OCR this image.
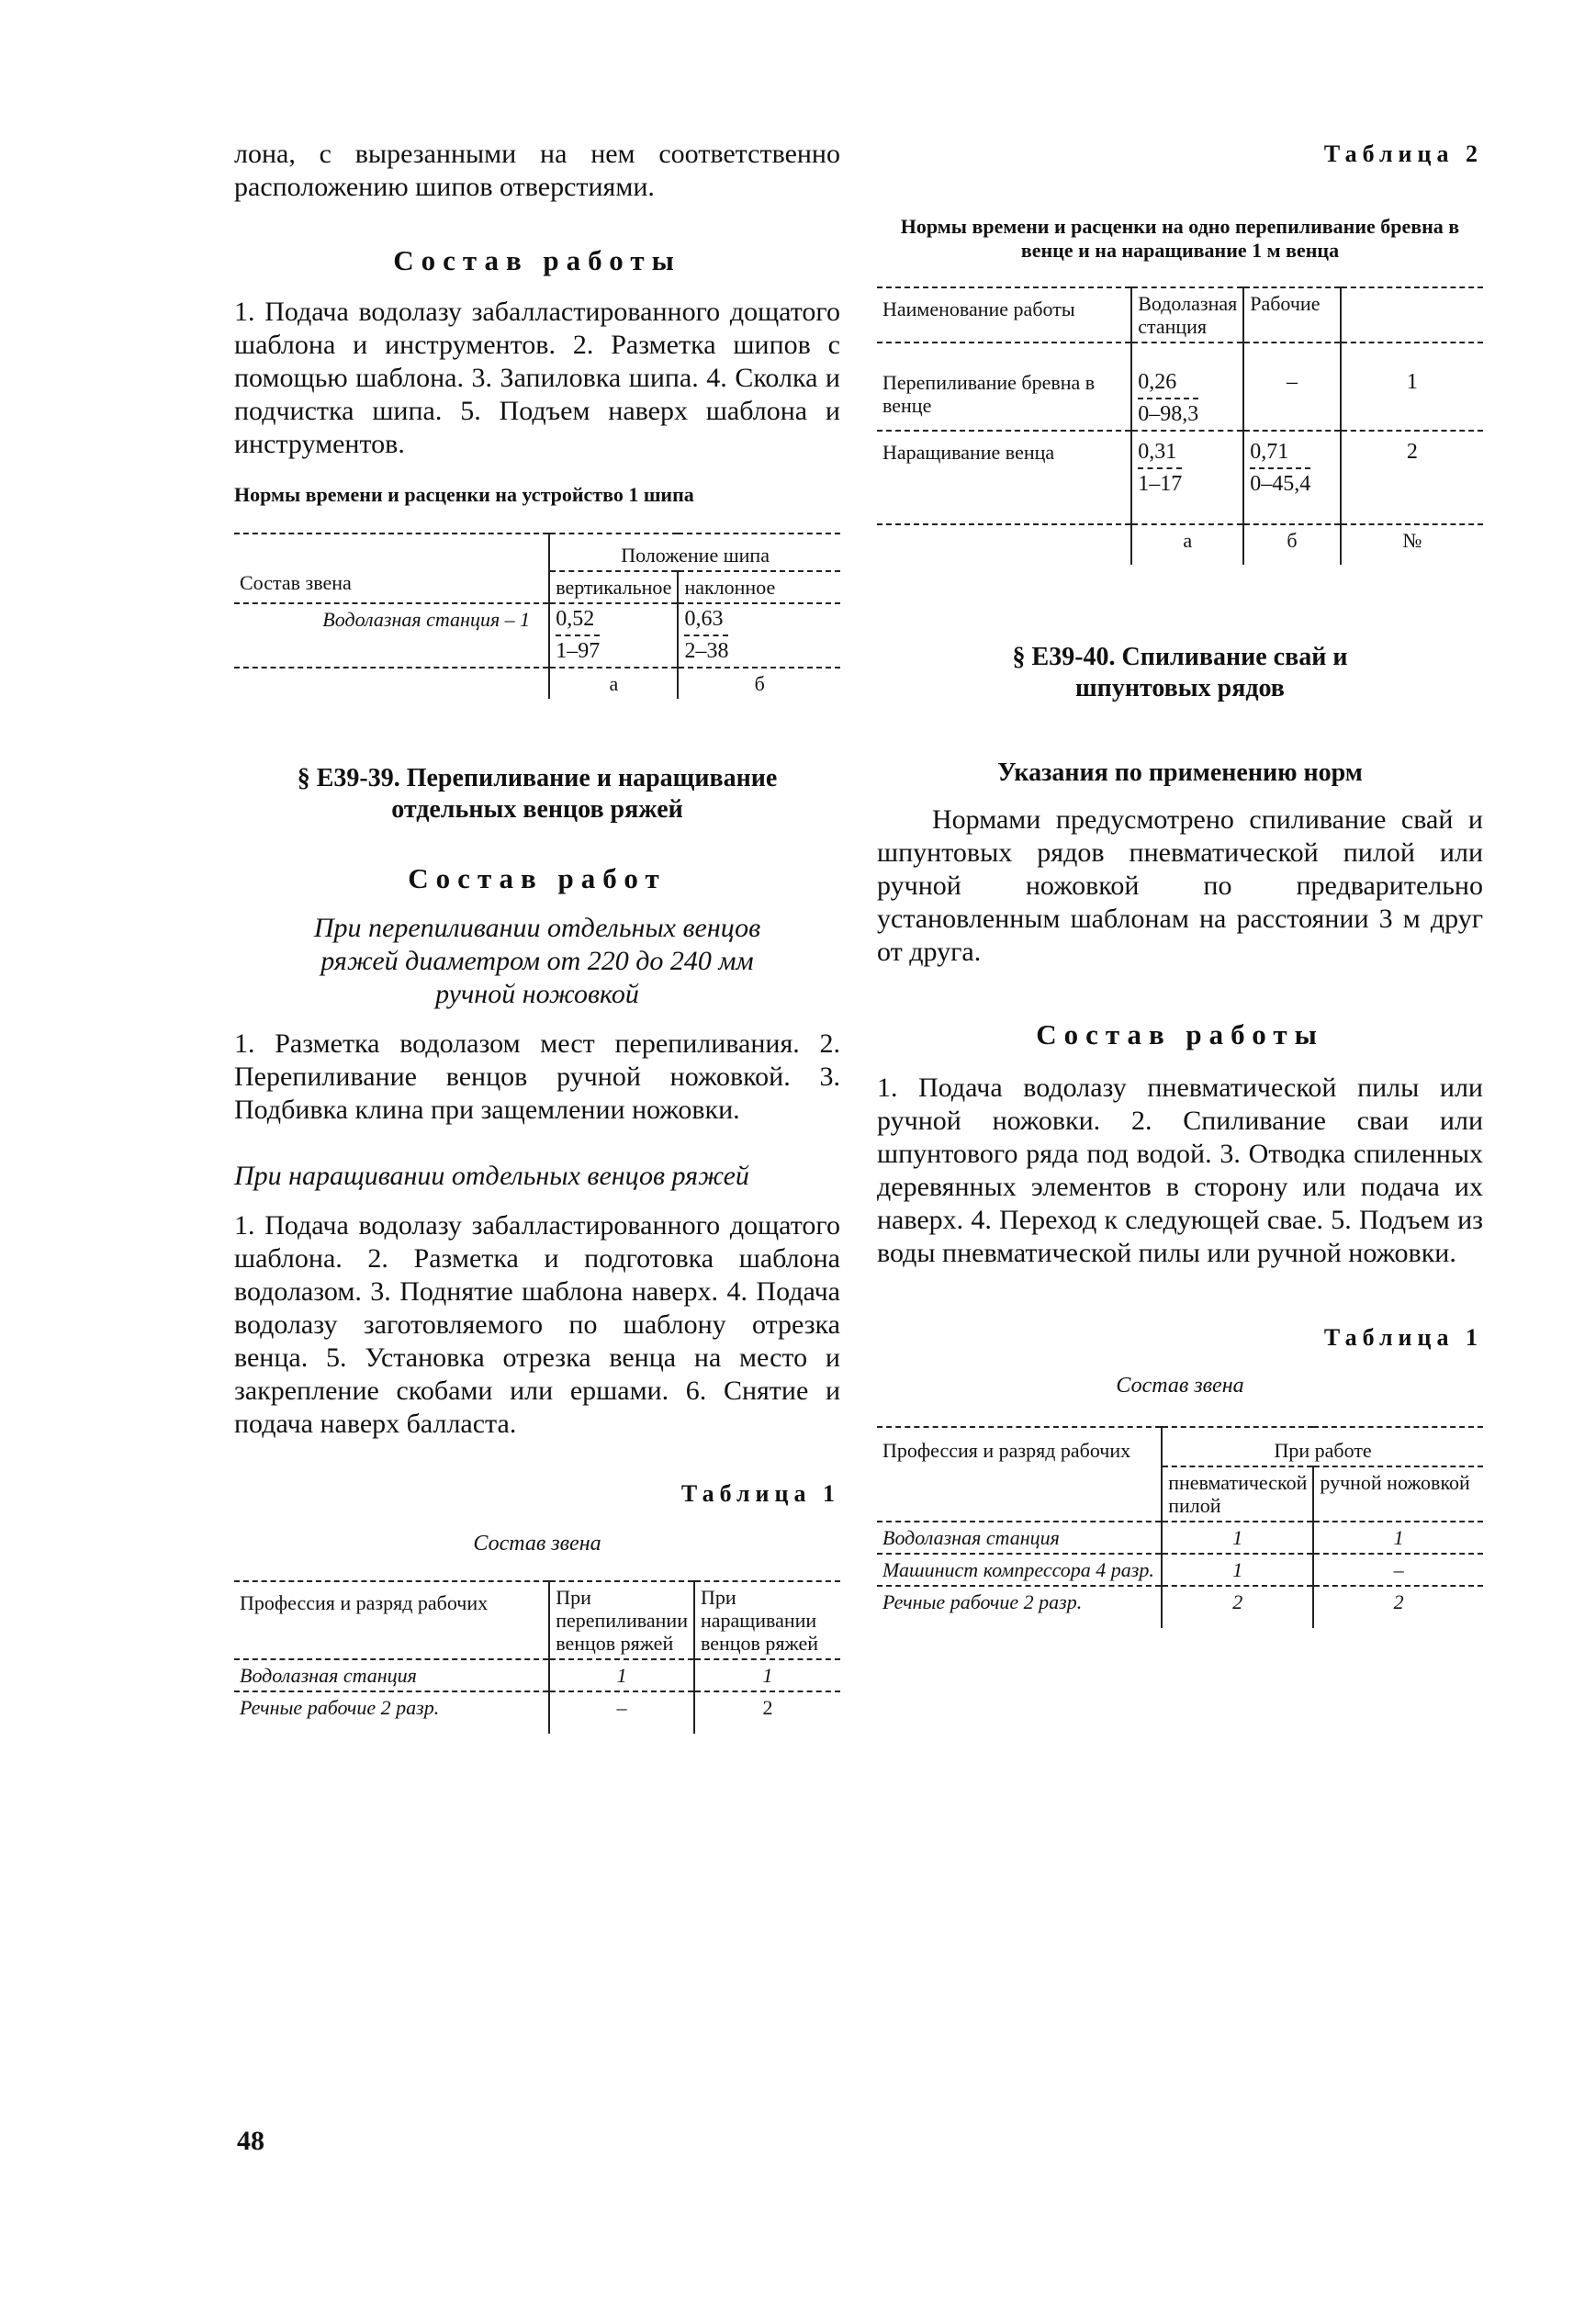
лона, с вырезанными на нем соответственно расположению шипов отверстиями.

Состав работы

1. Подача водолазу забалластированного дощатого шаблона и инструментов. 2. Разметка шипов с помощью шаблона. 3. Запиловка шипа. 4. Сколка и подчистка шипа. 5. Подъем наверх шаблона и инструментов.

Нормы времени и расценки на устройство 1 шипа

Состав звена	Положение шипа	
	вертикальное	наклонное
Водолазная станция – 1	$\frac{0,52}{1-97}$	$\frac{0,63}{2-38}$

	а	б

§ Е39-39. Перепиливание и наращивание отдельных венцов ряжей

Состав работ

При перепиливании отдельных венцов ряжей диаметром от 220 до 240 мм ручной ножовкой

1. Разметка водолазом мест перепиливания. 2. Перепиливание венцов ручной ножовкой. 3. Подбивка клина при защемлении ножовки.

При наращивании отдельных венцов ряжей

1. Подача водолазу забалластированного дощатого шаблона. 2. Разметка и подготовка шаблона водолазом. 3. Поднятие шаблона наверх. 4. Подача водолазу заготовляемого по шаблону отрезка венца. 5. Установка отрезка венца на место и закрепление скобами или ершами. 6. Снятие и подача наверх балласта.

Таблица 1

Состав звена

Профессия и разряд рабочих	При перепиливании венцов ряжей	При наращивании венцов ряжей
Водолазная станция	1	1
Речные рабочие 2 разр.	–	2

Таблица 2

Нормы времени и расценки на одно перепиливание бревна в венце и на наращивание 1 м венца

Наименование работы	Водолазная станция	Рабочие	
Перепиливание бревна в венце	$\frac{0,26}{0-98,3}$	–	1
Наращивание венца	$\frac{0,31}{1-17}$	$\frac{0,71}{0-45,4}$	2
	а	б	№

§ Е39-40. Спиливание свай и шпунтовых рядов

Указания по применению норм

Нормами предусмотрено спиливание свай и шпунтовых рядов пневматической пилой или ручной ножовкой по предварительно установленным шаблонам на расстоянии 3 м друг от друга.

Состав работы

1. Подача водолазу пневматической пилы или ручной ножовки. 2. Спиливание сваи или шпунтового ряда под водой. 3. Отводка спиленных деревянных элементов в сторону или подача их наверх. 4. Переход к следующей свае. 5. Подъем из воды пневматической пилы или ручной ножовки.

Таблица 1

Состав звена

Профессия и разряд рабочих	При работе	
	пневматической пилой	ручной ножовкой
Водолазная станция	1	1
Машинист компрессора 4 разр.	1	–
Речные рабочие 2 разр.	2	2
48
